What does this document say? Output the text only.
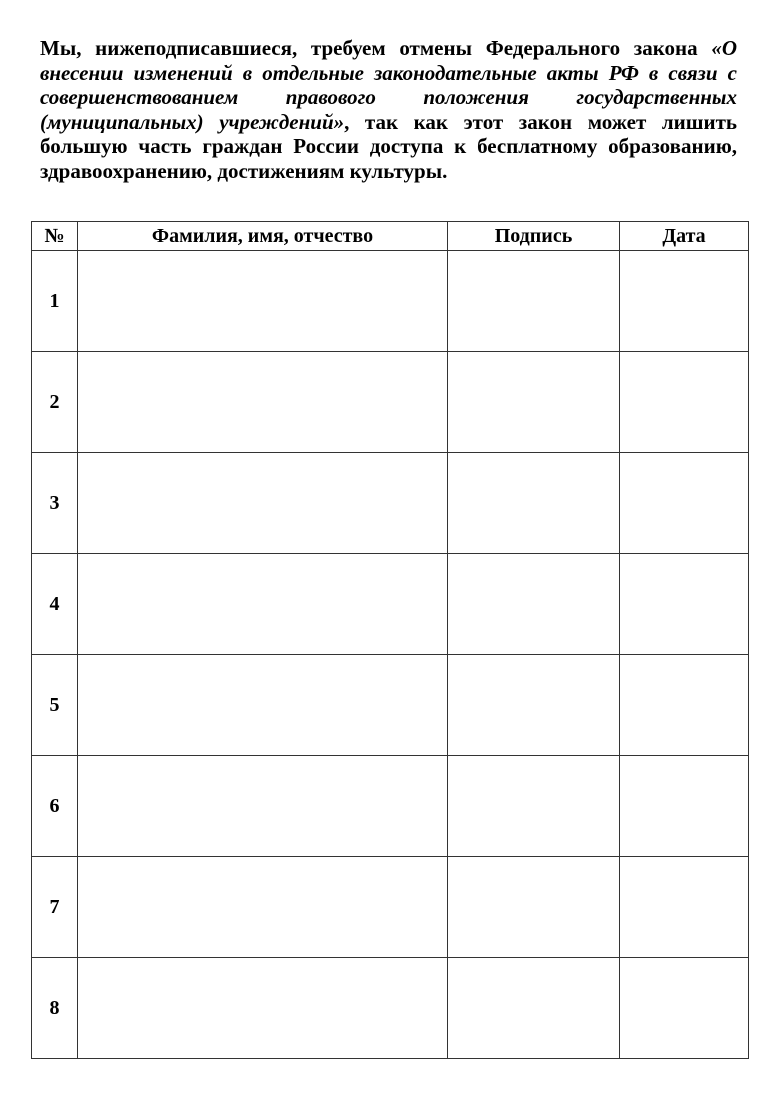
Мы, нижеподписавшиеся, требуем отмены Федерального закона «О внесении изменений в отдельные законодательные акты РФ в связи с совершенствованием правового положения государственных (муниципальных) учреждений», так как этот закон может лишить большую часть граждан России доступа к бесплатному образованию, здравоохранению, достижениям культуры.

№	Фамилия, имя, отчество	Подпись	Дата
1			
2			
3			
4			
5			
6			
7			
8			
